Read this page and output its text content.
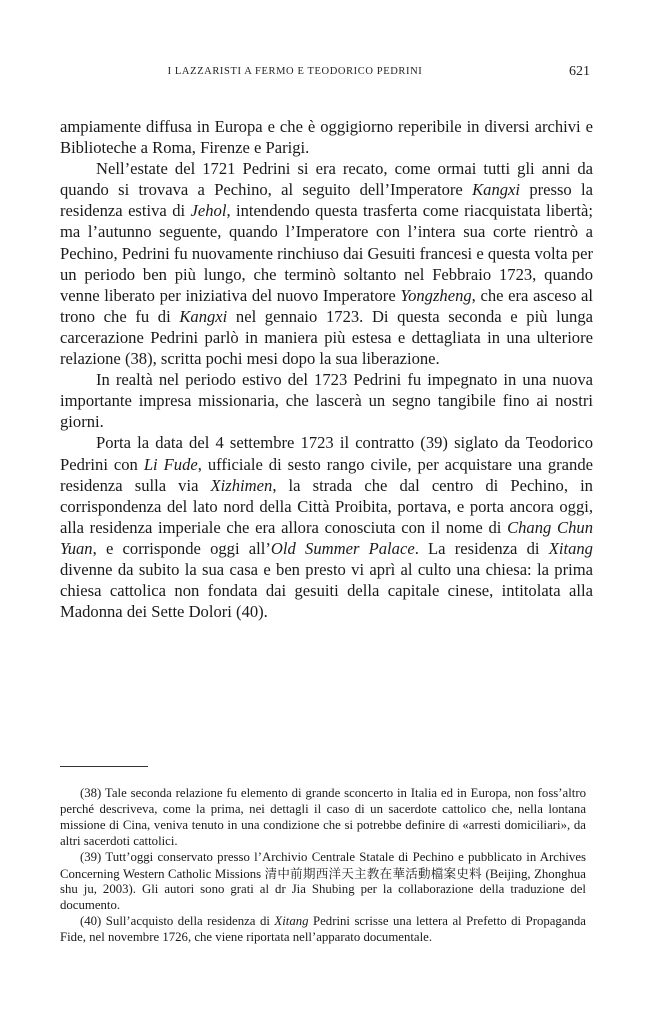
I LAZZARISTI A FERMO E TEODORICO PEDRINI	621

ampiamente diffusa in Europa e che è oggigiorno reperibile in diversi archivi e Biblioteche a Roma, Firenze e Parigi.

Nell’estate del 1721 Pedrini si era recato, come ormai tutti gli anni da quando si trovava a Pechino, al seguito dell’Imperatore Kangxi presso la residenza estiva di Jehol, intendendo questa trasferta come riacquistata libertà; ma l’autunno seguente, quando l’Imperatore con l’intera sua corte rientrò a Pechino, Pedrini fu nuovamente rinchiuso dai Gesuiti francesi e questa volta per un periodo ben più lungo, che terminò soltanto nel Febbraio 1723, quando venne liberato per iniziativa del nuovo Imperatore Yongzheng, che era asceso al trono che fu di Kangxi nel gennaio 1723. Di questa seconda e più lunga carcerazione Pedrini parlò in maniera più estesa e dettagliata in una ulteriore relazione (38), scritta pochi mesi dopo la sua liberazione.

In realtà nel periodo estivo del 1723 Pedrini fu impegnato in una nuova importante impresa missionaria, che lascerà un segno tangibile fino ai nostri giorni.

Porta la data del 4 settembre 1723 il contratto (39) siglato da Teodorico Pedrini con Li Fude, ufficiale di sesto rango civile, per acquistare una grande residenza sulla via Xizhimen, la strada che dal centro di Pechino, in corrispondenza del lato nord della Città Proibita, portava, e porta ancora oggi, alla residenza imperiale che era allora conosciuta con il nome di Chang Chun Yuan, e corrisponde oggi all’Old Summer Palace. La residenza di Xitang divenne da subito la sua casa e ben presto vi aprì al culto una chiesa: la prima chiesa cattolica non fondata dai gesuiti della capitale cinese, intitolata alla Madonna dei Sette Dolori (40).

(38) Tale seconda relazione fu elemento di grande sconcerto in Italia ed in Europa, non foss’altro perché descriveva, come la prima, nei dettagli il caso di un sacerdote cattolico che, nella lontana missione di Cina, veniva tenuto in una condizione che si potrebbe definire di «arresti domiciliari», da altri sacerdoti cattolici.

(39) Tutt’oggi conservato presso l’Archivio Centrale Statale di Pechino e pubblicato in Archives Concerning Western Catholic Missions 清中前期西洋天主教在華活動檔案史料 (Beijing, Zhonghua shu ju, 2003). Gli autori sono grati al dr Jia Shubing per la collaborazione della traduzione del documento.

(40) Sull’acquisto della residenza di Xitang Pedrini scrisse una lettera al Prefetto di Propaganda Fide, nel novembre 1726, che viene riportata nell’apparato documentale.
